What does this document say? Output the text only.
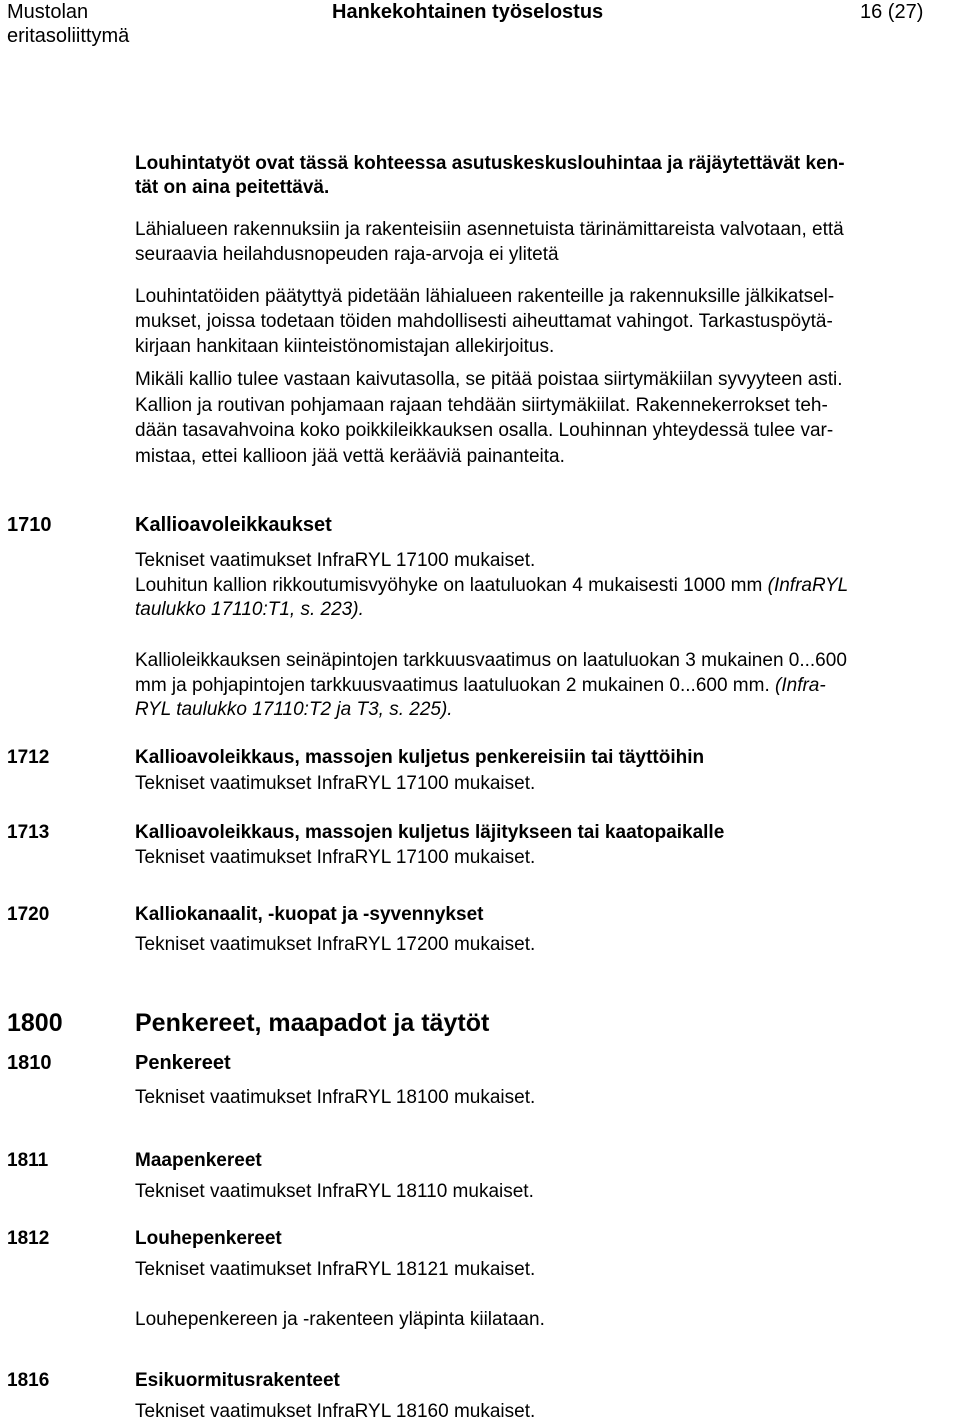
Mustolan
eritasoliittymä
Hankekohtainen työselostus	16 (27)
Louhintatyöt ovat tässä kohteessa asutuskeskuslouhintaa ja räjäytettävät ken-
tät on aina peitettävä.
Lähialueen rakennuksiin ja rakenteisiin asennetuista tärinämittareista valvotaan, että
seuraavia heilahdusnopeuden raja-arvoja ei ylitetä
Louhintatöiden päätyttyä pidetään lähialueen rakenteille ja rakennuksille jälkikatsel-
mukset, joissa todetaan töiden mahdollisesti aiheuttamat vahingot. Tarkastuspöytä-
kirjaan hankitaan kiinteistönomistajan allekirjoitus.
Mikäli kallio tulee vastaan kaivutasolla, se pitää poistaa siirtymäkiilan syvyyteen asti.
Kallion ja routivan pohjamaan rajaan tehdään siirtymäkiilat. Rakennekerrokset teh-
dään tasavahvoina koko poikkileikkauksen osalla. Louhinnan yhteydessä tulee var-
mistaa, ettei kallioon jää vettä kerääviä painanteita.
1710	Kallioavoleikkaukset
Tekniset vaatimukset InfraRYL 17100 mukaiset.
Louhitun kallion rikkoutumisvyöhyke on laatuluokan 4 mukaisesti 1000 mm (InfraRYL
taulukko 17110:T1, s. 223).
Kallioleikkauksen seinäpintojen tarkkuusvaatimus on laatuluokan 3 mukainen 0...600
mm ja pohjapintojen tarkkuusvaatimus laatuluokan 2 mukainen 0...600 mm. (Infra-
RYL taulukko 17110:T2 ja T3, s. 225).
1712	Kallioavoleikkaus, massojen kuljetus penkereisiin tai täyttöihin
Tekniset vaatimukset InfraRYL 17100 mukaiset.
1713	Kallioavoleikkaus, massojen kuljetus läjitykseen tai kaatopaikalle
Tekniset vaatimukset InfraRYL 17100 mukaiset.
1720	Kalliokanaalit, -kuopat ja -syvennykset
Tekniset vaatimukset InfraRYL 17200 mukaiset.
1800	Penkereet, maapadot ja täytöt
1810	Penkereet
Tekniset vaatimukset InfraRYL 18100 mukaiset.
1811	Maapenkereet
Tekniset vaatimukset InfraRYL 18110 mukaiset.
1812	Louhepenkereet
Tekniset vaatimukset InfraRYL 18121 mukaiset.
Louhepenkereen ja -rakenteen yläpinta kiilataan.
1816	Esikuormitusrakenteet
Tekniset vaatimukset InfraRYL 18160 mukaiset.
